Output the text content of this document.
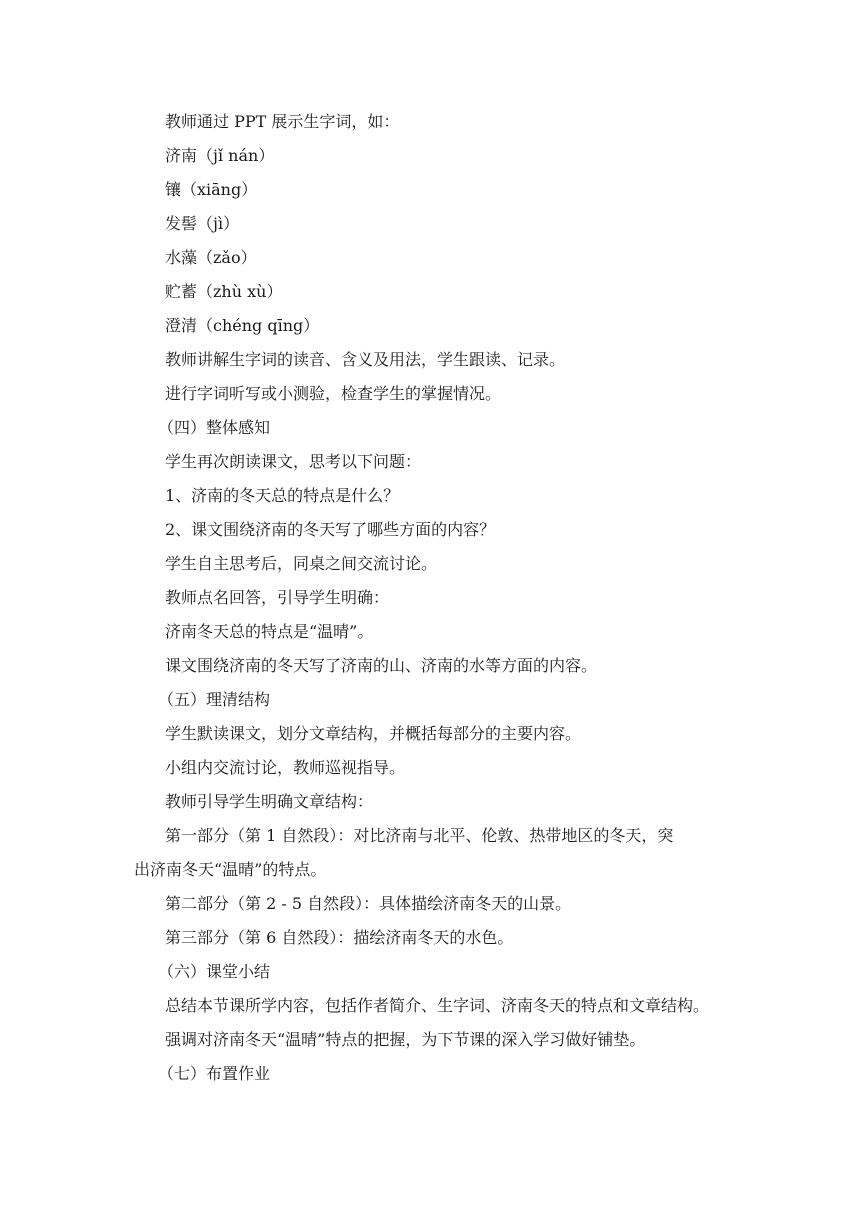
教师通过 PPT 展示生字词，如：
济南（jǐ nán）
镶（xiāng）
发髻（jì）
水藻（zǎo）
贮蓄（zhù xù）
澄清（chéng qīng）
教师讲解生字词的读音、含义及用法，学生跟读、记录。
进行字词听写或小测验，检查学生的掌握情况。
（四）整体感知
学生再次朗读课文，思考以下问题：
1、济南的冬天总的特点是什么？
2、课文围绕济南的冬天写了哪些方面的内容？
学生自主思考后，同桌之间交流讨论。
教师点名回答，引导学生明确：
济南冬天总的特点是“温晴”。
课文围绕济南的冬天写了济南的山、济南的水等方面的内容。
（五）理清结构
学生默读课文，划分文章结构，并概括每部分的主要内容。
小组内交流讨论，教师巡视指导。
教师引导学生明确文章结构：
第一部分（第 1 自然段）：对比济南与北平、伦敦、热带地区的冬天，突
出济南冬天“温晴”的特点。
第二部分（第 2 - 5 自然段）：具体描绘济南冬天的山景。
第三部分（第 6 自然段）：描绘济南冬天的水色。
（六）课堂小结
总结本节课所学内容，包括作者简介、生字词、济南冬天的特点和文章结构。
强调对济南冬天“温晴”特点的把握，为下节课的深入学习做好铺垫。
（七）布置作业
